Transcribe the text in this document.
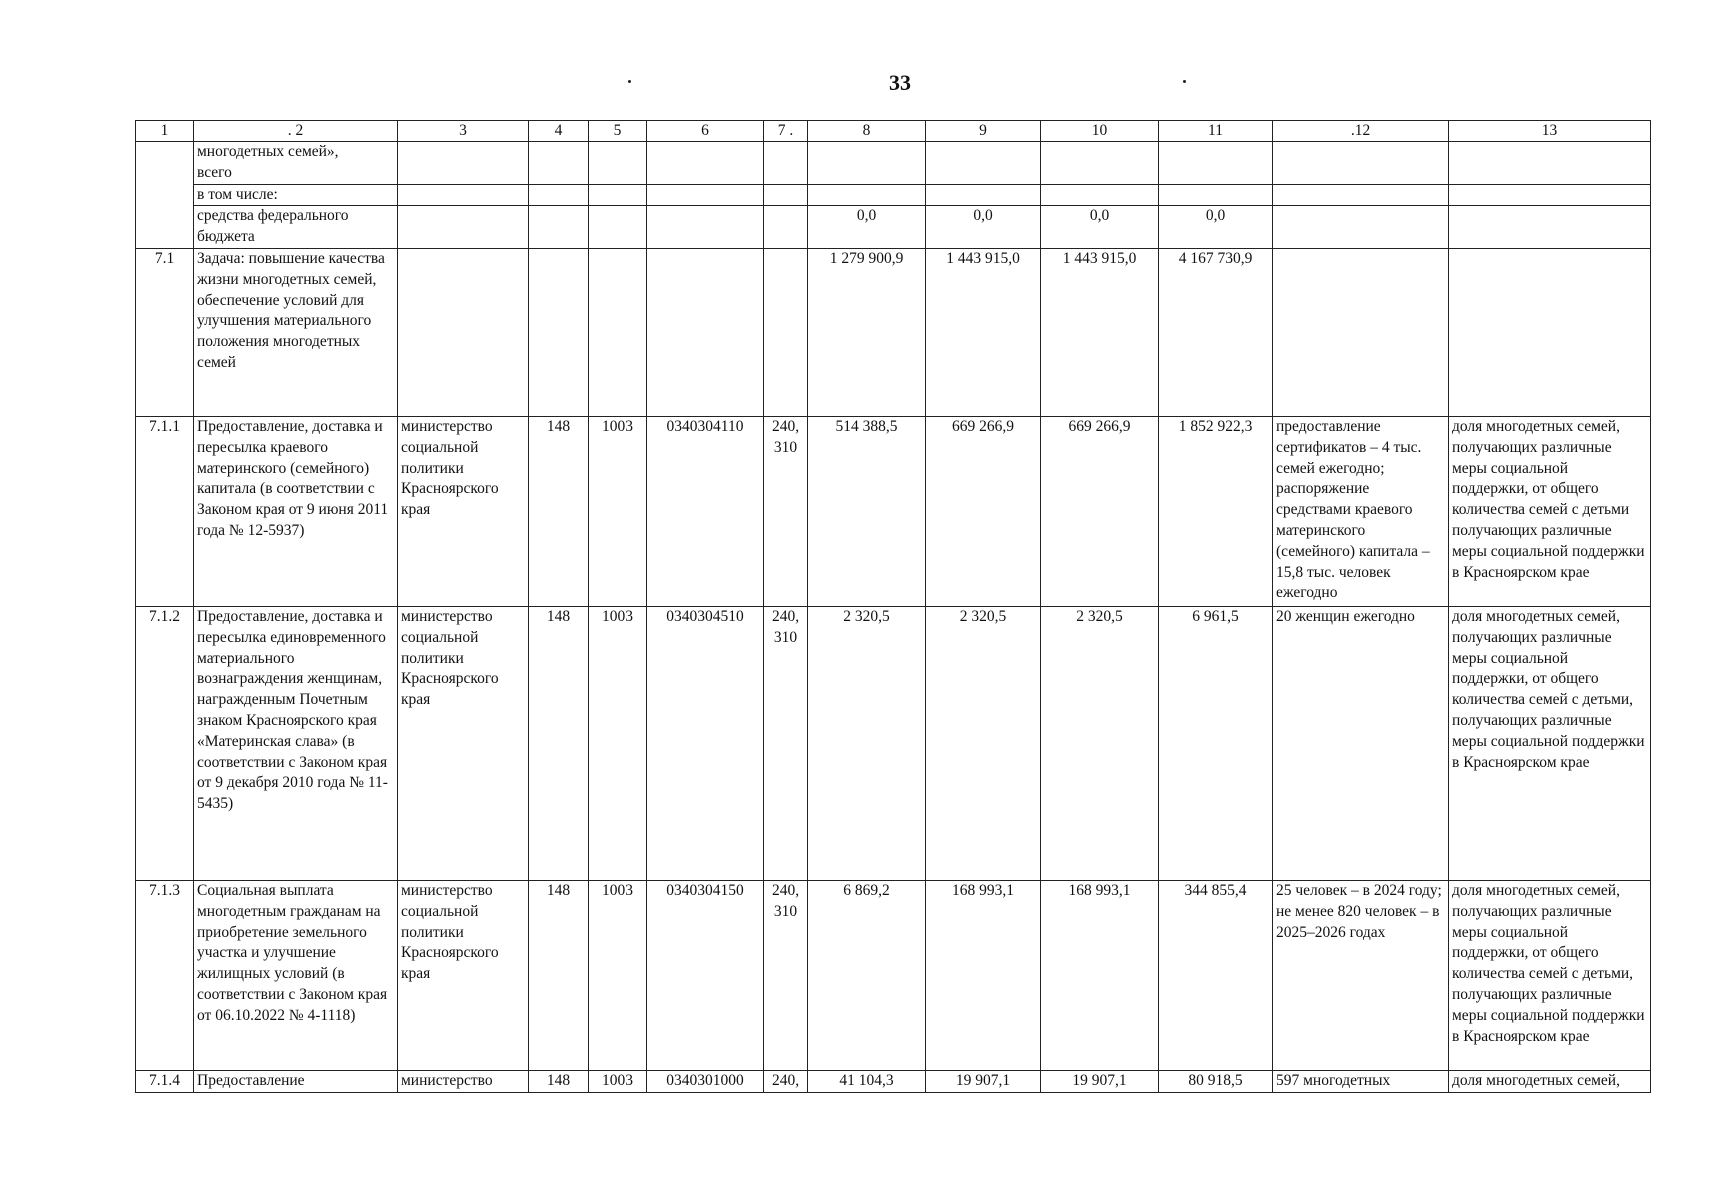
33
1	. 2	3	4	5	6	7 .	8	9	10	11	.12	13
	многодетных семей»,
всего											
	в том числе:											
	средства федерального бюджета						0,0	0,0	0,0	0,0		
7.1	Задача: повышение качества жизни многодетных семей, обеспечение условий для улучшения материального положения многодетных семей						1 279 900,9	1 443 915,0	1 443 915,0	4 167 730,9		
7.1.1	Предоставление, доставка и пересылка краевого материнского (семейного) капитала (в соответствии с Законом края от 9 июня 2011 года № 12-5937)	министерство социальной политики Красноярского края	148	1003	0340304110	240, 310	514 388,5	669 266,9	669 266,9	1 852 922,3	предоставление сертификатов – 4 тыс. семей ежегодно; распоряжение средствами краевого материнского (семейного) капитала – 15,8 тыс. человек ежегодно	доля многодетных семей, получающих различные меры социальной поддержки, от общего количества семей с детьми получающих различные меры социальной поддержки в Красноярском крае
7.1.2	Предоставление, доставка и пересылка единовременного материального вознаграждения женщинам, награжденным Почетным знаком Красноярского края «Материнская слава» (в соответствии с Законом края от 9 декабря 2010 года № 11-5435)	министерство социальной политики Красноярского края	148	1003	0340304510	240, 310	2 320,5	2 320,5	2 320,5	6 961,5	20 женщин ежегодно	доля многодетных семей, получающих различные меры социальной поддержки, от общего количества семей с детьми, получающих различные меры социальной поддержки в Красноярском крае
7.1.3	Социальная выплата многодетным гражданам на приобретение земельного участка и улучшение жилищных условий (в соответствии с Законом края от 06.10.2022 № 4-1118)	министерство социальной политики Красноярского края	148	1003	0340304150	240, 310	6 869,2	168 993,1	168 993,1	344 855,4	25 человек – в 2024 году; не менее 820 человек – в 2025–2026 годах	доля многодетных семей, получающих различные меры социальной поддержки, от общего количества семей с детьми, получающих различные меры социальной поддержки в Красноярском крае
7.1.4	Предоставление	министерство	148	1003	0340301000	240,	41 104,3	19 907,1	19 907,1	80 918,5	597 многодетных	доля многодетных семей,
